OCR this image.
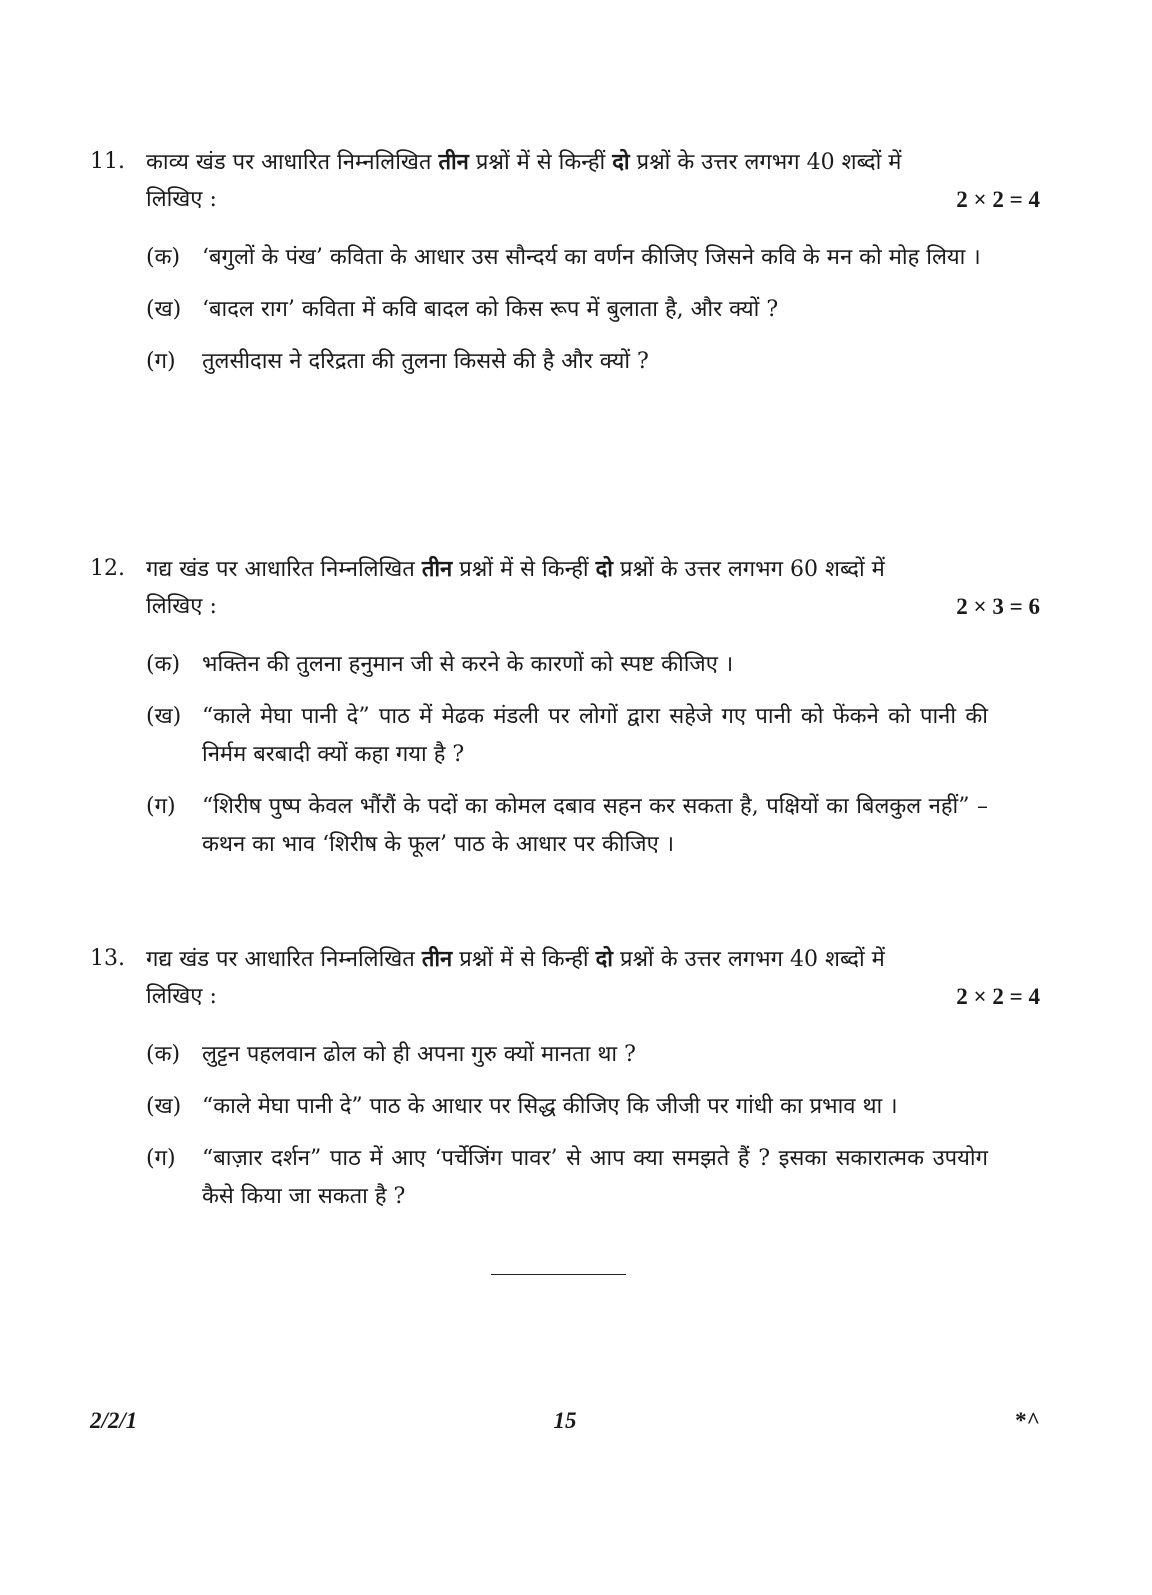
11. काव्य खंड पर आधारित निम्नलिखित तीन प्रश्नों में से किन्हीं दो प्रश्नों के उत्तर लगभग 40 शब्दों में
लिखिए :	2 × 2 = 4
(क) ‘बगुलों के पंख’ कविता के आधार उस सौन्दर्य का वर्णन कीजिए जिसने कवि के मन को मोह लिया ।
(ख) ‘बादल राग’ कविता में कवि बादल को किस रूप में बुलाता है, और क्यों ?
(ग) तुलसीदास ने दरिद्रता की तुलना किससे की है और क्यों ?
12. गद्य खंड पर आधारित निम्नलिखित तीन प्रश्नों में से किन्हीं दो प्रश्नों के उत्तर लगभग 60 शब्दों में
लिखिए :	2 × 3 = 6
(क) भक्तिन की तुलना हनुमान जी से करने के कारणों को स्पष्ट कीजिए ।
(ख) “काले मेघा पानी दे” पाठ में मेढक मंडली पर लोगों द्वारा सहेजे गए पानी को फेंकने को पानी की निर्मम बरबादी क्यों कहा गया है ?
(ग) “शिरीष पुष्प केवल भौंरौं के पदों का कोमल दबाव सहन कर सकता है, पक्षियों का बिलकुल नहीं” – कथन का भाव ‘शिरीष के फूल’ पाठ के आधार पर कीजिए ।
13. गद्य खंड पर आधारित निम्नलिखित तीन प्रश्नों में से किन्हीं दो प्रश्नों के उत्तर लगभग 40 शब्दों में
लिखिए :	2 × 2 = 4
(क) लुट्टन पहलवान ढोल को ही अपना गुरु क्यों मानता था ?
(ख) “काले मेघा पानी दे” पाठ के आधार पर सिद्ध कीजिए कि जीजी पर गांधी का प्रभाव था ।
(ग) “बाज़ार दर्शन” पाठ में आए ‘पर्चेजिंग पावर’ से आप क्या समझते हैं ? इसका सकारात्मक उपयोग कैसे किया जा सकता है ?
2/2/1	15	*^
